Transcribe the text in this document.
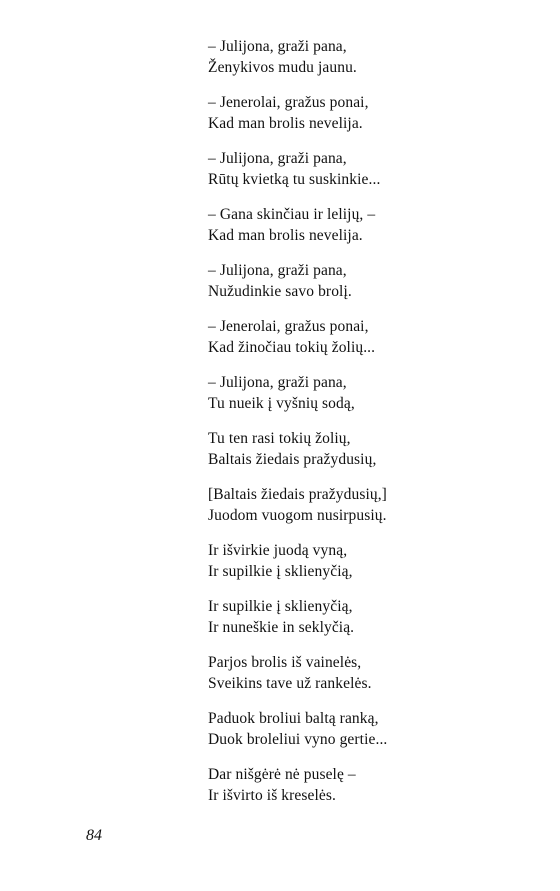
– Julijona, graži pana,
Ženykivos mudu jaunu.
– Jenerolai, gražus ponai,
Kad man brolis nevelija.
– Julijona, graži pana,
Rūtų kvietką tu suskinkie...
– Gana skinčiau ir lelijų, –
Kad man brolis nevelija.
– Julijona, graži pana,
Nužudinkie savo brolį.
– Jenerolai, gražus ponai,
Kad žinočiau tokių žolių...
– Julijona, graži pana,
Tu nueik į vyšnių sodą,
Tu ten rasi tokių žolių,
Baltais žiedais pražydusių,
[Baltais žiedais pražydusių,]
Juodom vuogom nusirpusių.
Ir išvirkie juodą vyną,
Ir supilkie į sklienyčią,
Ir supilkie į sklienyčią,
Ir nuneškie in seklyčią.
Parjos brolis iš vainelės,
Sveikins tave už rankelės.
Paduok broliui baltą ranką,
Duok broleliui vyno gertie...
Dar nišgėrė nė puselę –
Ir išvirto iš kreselės.
84
